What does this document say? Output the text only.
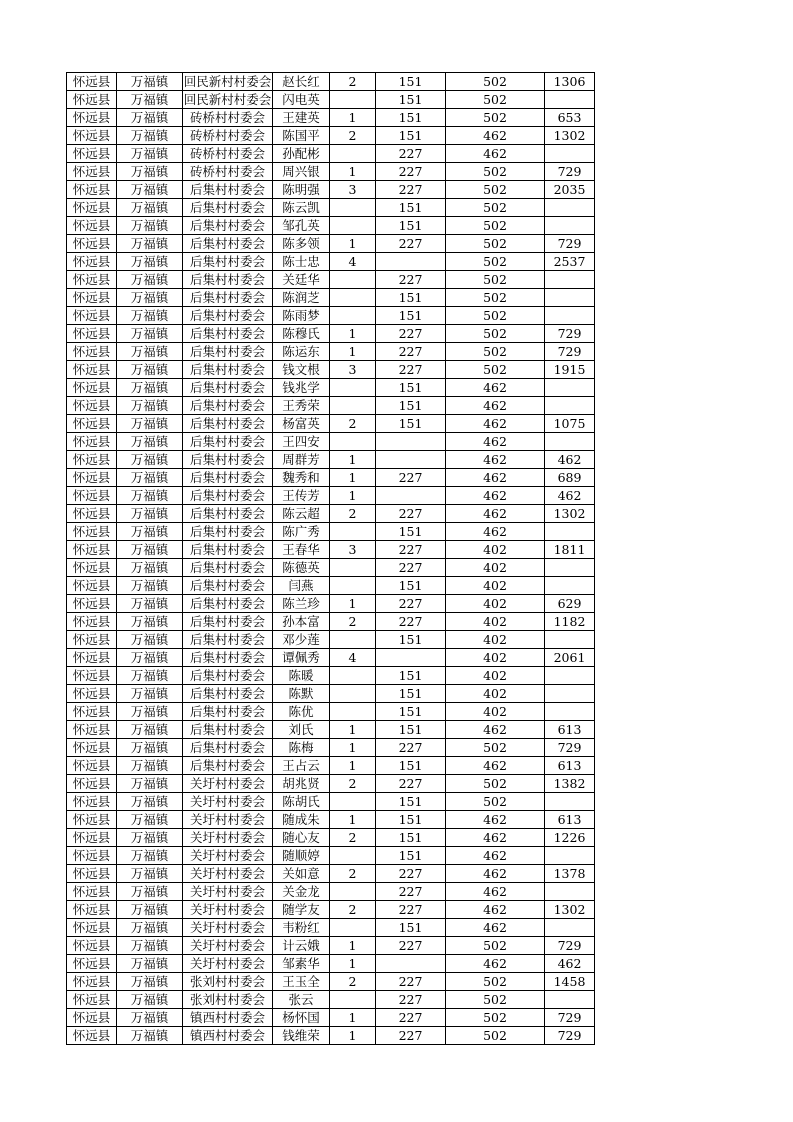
怀远县	万福镇	回民新村村委会	赵长红	2	151	502	1306
怀远县	万福镇	回民新村村委会	闪电英		151	502	
怀远县	万福镇	砖桥村村委会	王建英	1	151	502	653
怀远县	万福镇	砖桥村村委会	陈国平	2	151	462	1302
怀远县	万福镇	砖桥村村委会	孙配彬		227	462	
怀远县	万福镇	砖桥村村委会	周兴银	1	227	502	729
怀远县	万福镇	后集村村委会	陈明强	3	227	502	2035
怀远县	万福镇	后集村村委会	陈云凯		151	502	
怀远县	万福镇	后集村村委会	邹孔英		151	502	
怀远县	万福镇	后集村村委会	陈多领	1	227	502	729
怀远县	万福镇	后集村村委会	陈士忠	4		502	2537
怀远县	万福镇	后集村村委会	关廷华		227	502	
怀远县	万福镇	后集村村委会	陈润芝		151	502	
怀远县	万福镇	后集村村委会	陈雨梦		151	502	
怀远县	万福镇	后集村村委会	陈穆氏	1	227	502	729
怀远县	万福镇	后集村村委会	陈运东	1	227	502	729
怀远县	万福镇	后集村村委会	钱文根	3	227	502	1915
怀远县	万福镇	后集村村委会	钱兆学		151	462	
怀远县	万福镇	后集村村委会	王秀荣		151	462	
怀远县	万福镇	后集村村委会	杨富英	2	151	462	1075
怀远县	万福镇	后集村村委会	王四安			462	
怀远县	万福镇	后集村村委会	周群芳	1		462	462
怀远县	万福镇	后集村村委会	魏秀和	1	227	462	689
怀远县	万福镇	后集村村委会	王传芳	1		462	462
怀远县	万福镇	后集村村委会	陈云超	2	227	462	1302
怀远县	万福镇	后集村村委会	陈广秀		151	462	
怀远县	万福镇	后集村村委会	王春华	3	227	402	1811
怀远县	万福镇	后集村村委会	陈德英		227	402	
怀远县	万福镇	后集村村委会	闫燕		151	402	
怀远县	万福镇	后集村村委会	陈兰珍	1	227	402	629
怀远县	万福镇	后集村村委会	孙本富	2	227	402	1182
怀远县	万福镇	后集村村委会	邓少莲		151	402	
怀远县	万福镇	后集村村委会	谭佩秀	4		402	2061
怀远县	万福镇	后集村村委会	陈暖		151	402	
怀远县	万福镇	后集村村委会	陈默		151	402	
怀远县	万福镇	后集村村委会	陈优		151	402	
怀远县	万福镇	后集村村委会	刘氏	1	151	462	613
怀远县	万福镇	后集村村委会	陈梅	1	227	502	729
怀远县	万福镇	后集村村委会	王占云	1	151	462	613
怀远县	万福镇	关圩村村委会	胡兆贤	2	227	502	1382
怀远县	万福镇	关圩村村委会	陈胡氏		151	502	
怀远县	万福镇	关圩村村委会	随成朱	1	151	462	613
怀远县	万福镇	关圩村村委会	随心友	2	151	462	1226
怀远县	万福镇	关圩村村委会	随顺婷		151	462	
怀远县	万福镇	关圩村村委会	关如意	2	227	462	1378
怀远县	万福镇	关圩村村委会	关金龙		227	462	
怀远县	万福镇	关圩村村委会	随学友	2	227	462	1302
怀远县	万福镇	关圩村村委会	韦粉红		151	462	
怀远县	万福镇	关圩村村委会	计云娥	1	227	502	729
怀远县	万福镇	关圩村村委会	邹素华	1		462	462
怀远县	万福镇	张刘村村委会	王玉全	2	227	502	1458
怀远县	万福镇	张刘村村委会	张云		227	502	
怀远县	万福镇	镇西村村委会	杨怀国	1	227	502	729
怀远县	万福镇	镇西村村委会	钱维荣	1	227	502	729
